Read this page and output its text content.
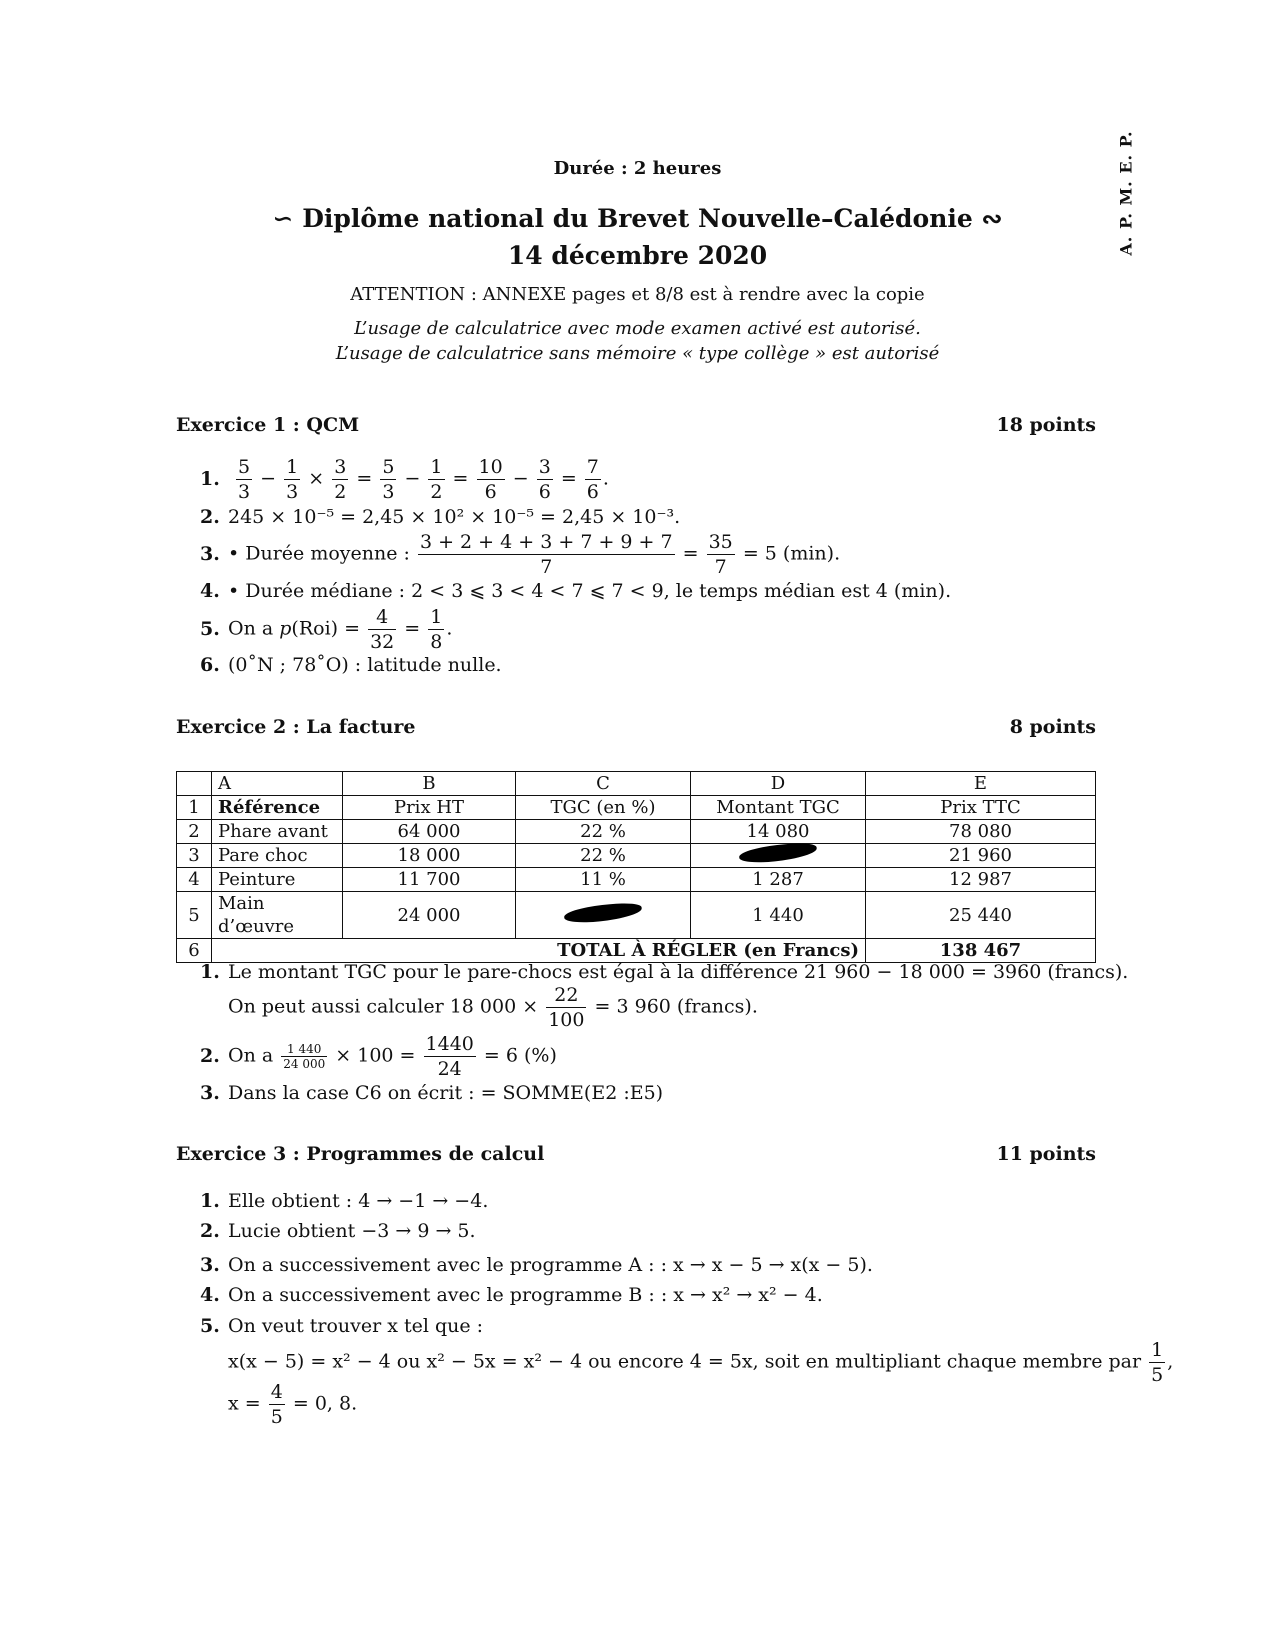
A. P. M. E. P.
Durée : 2 heures
∽ Diplôme national du Brevet Nouvelle–Calédonie ∾
14 décembre 2020
ATTENTION : ANNEXE pages et 8/8 est à rendre avec la copie
L’usage de calculatrice avec mode examen activé est autorisé.
L’usage de calculatrice sans mémoire « type collège » est autorisé
Exercice 1 : QCM	18 points
1. $\frac{5}{3} - \frac{1}{3} \times \frac{3}{2} = \frac{5}{3} - \frac{1}{2} = \frac{10}{6} - \frac{3}{6} = \frac{7}{6}$ .
2. 245 × 10⁻⁵ = 2,45 × 10² × 10⁻⁵ = 2,45 × 10⁻³.
3. • Durée moyenne : $\frac{3 + 2 + 4 + 3 + 7 + 9 + 7}{7} = \frac{35}{7} = 5$ (min).
4. • Durée médiane : 2 < 3 ⩽ 3 < 4 < 7 ⩽ 7 < 9, le temps médian est 4 (min).
5. On a $p(Roi) = \frac{4}{32} = \frac{1}{8}$ .
6. (0˚N ; 78˚O) : latitude nulle.
Exercice 2 : La facture	8 points
	A	B	C	D	E
1	Référence	Prix HT	TGC (en %)	Montant TGC	Prix TTC
2	Phare avant	64 000	22 %	14 080	78 080
3	Pare choc	18 000	22 %		21 960
4	Peinture	11 700	11 %	1 287	12 987
5	Main d’œuvre	24 000		1 440	25 440
6	TOTAL À RÉGLER (en Francs)				138 467
1. Le montant TGC pour le pare-chocs est égal à la différence 21 960 − 18 000 = 3960 (francs).
On peut aussi calculer 18 $000 \times \frac{22}{100} = 3$ 960 (francs).
2. On a $\frac{1 440}{24 000} \times 100 = \frac{1440}{24} = 6$ (%)
3. Dans la case C6 on écrit : = SOMME(E2 :E5)
Exercice 3 : Programmes de calcul	11 points
1. Elle obtient : 4 → −1 → −4.
2. Lucie obtient −3 → 9 → 5.
3. On a successivement avec le programme A : : x → x − 5 → x(x − 5).
4. On a successivement avec le programme B : : x → x² → x² − 4.
5. On veut trouver x tel que :
x(x − 5) = x² − 4 ou x² − 5x = x² − 4 ou encore 4 = 5x, soit en multipliant chaque membre par $\frac{1}{5}$ ,
$x = \frac{4}{5} = 0$, 8.
